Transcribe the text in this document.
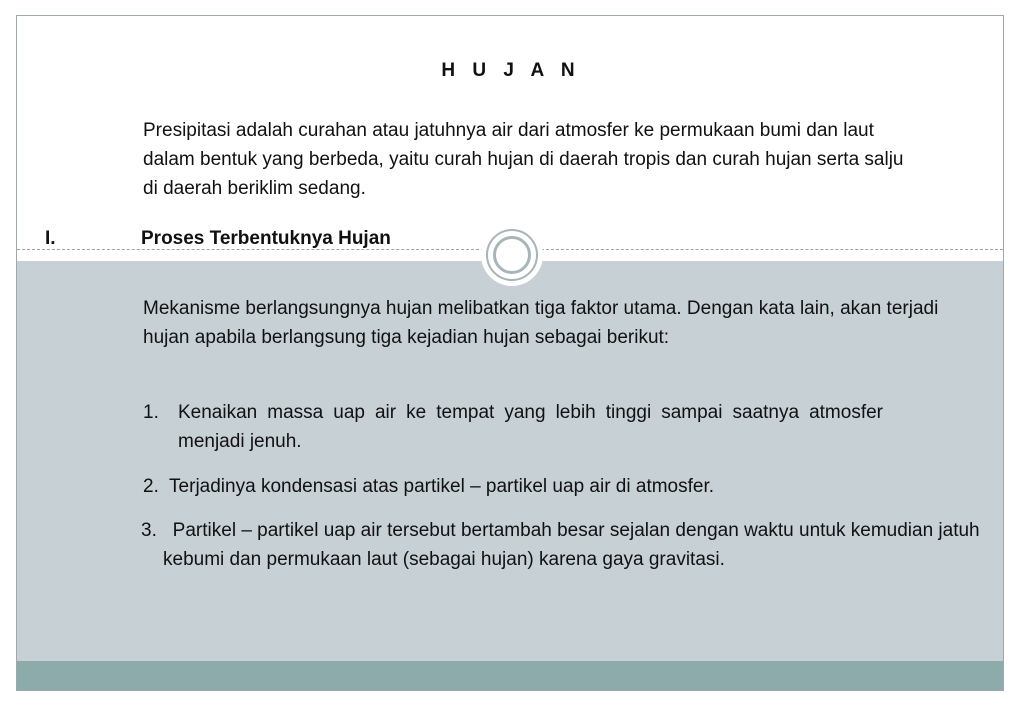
H U J A N

Presipitasi adalah curahan atau jatuhnya air dari atmosfer ke permukaan bumi dan laut dalam bentuk yang berbeda, yaitu curah hujan di daerah tropis dan curah hujan serta salju di daerah beriklim sedang.

I.	Proses Terbentuknya Hujan

Mekanisme berlangsungnya hujan melibatkan tiga faktor utama. Dengan kata lain, akan terjadi hujan apabila berlangsung tiga kejadian hujan sebagai berikut:

1. Kenaikan massa uap air ke tempat yang lebih tinggi sampai saatnya atmosfer menjadi jenuh.

2.  Terjadinya kondensasi atas partikel – partikel uap air di atmosfer.

3.   Partikel – partikel uap air tersebut bertambah besar sejalan dengan waktu untuk kemudian jatuh kebumi dan permukaan laut (sebagai hujan) karena gaya gravitasi.
